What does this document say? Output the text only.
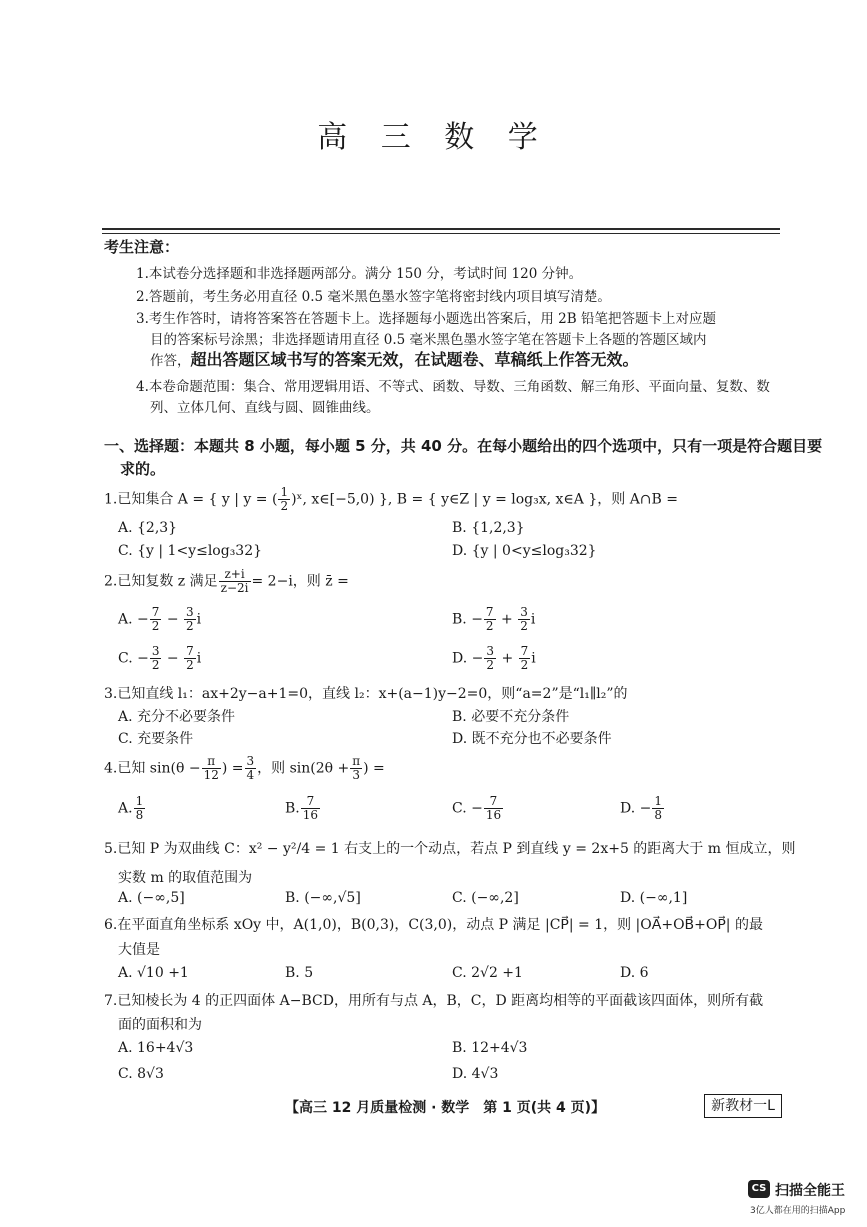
高 三 数 学
考生注意：
1.本试卷分选择题和非选择题两部分。满分 150 分，考试时间 120 分钟。
2.答题前，考生务必用直径 0.5 毫米黑色墨水签字笔将密封线内项目填写清楚。
3.考生作答时，请将答案答在答题卡上。选择题每小题选出答案后，用 2B 铅笔把答题卡上对应题
目的答案标号涂黑；非选择题请用直径 0.5 毫米黑色墨水签字笔在答题卡上各题的答题区域内
作答，超出答题区域书写的答案无效，在试题卷、草稿纸上作答无效。
4.本卷命题范围：集合、常用逻辑用语、不等式、函数、导数、三角函数、解三角形、平面向量、复数、数
列、立体几何、直线与圆、圆锥曲线。
一、选择题：本题共 8 小题，每小题 5 分，共 40 分。在每小题给出的四个选项中，只有一项是符合题目要
求的。
1.已知集合 A = { y | y = ( $\frac{1}{2}$ )ˣ, x∈[−5,0) }, B = { y∈Z | y = log₃x, x∈A }，则 A∩B =
A. {2,3}	B. {1,2,3}
C. {y | 1<y≤log₃32}	D. {y | 0<y≤log₃32}
2.已知复数 z 满足 $\frac{z+i}{z-2i} = 2-i$，则 z̄ =
A. − $\frac{7}{2} - \frac{3}{2}$ i	B. − $\frac{7}{2} + \frac{3}{2}$ i
C. − $\frac{3}{2} - \frac{7}{2}$ i	D. − $\frac{3}{2} + \frac{7}{2}$ i
3.已知直线 l₁：ax+2y−a+1=0，直线 l₂：x+(a−1)y−2=0，则“a=2”是“l₁∥l₂”的
A. 充分不必要条件	B. 必要不充分条件
C. 充要条件	D. 既不充分也不必要条件
4.已知 $\sin(\theta - \frac{\pi}{12}$ ) = $\frac{3}{4}$ ，则 $\sin(2\theta + \frac{\pi}{3}$ ) =
A. $\frac{1}{8}$	B. $\frac{7}{16}$	C. − $\frac{7}{16}$	D. − $\frac{1}{8}$
5.已知 P 为双曲线 C：x² − y²/4 = 1 右支上的一个动点，若点 P 到直线 y = 2x+5 的距离大于 m 恒成立，则
实数 m 的取值范围为
A. (−∞,5]	B. (−∞,√5]	C. (−∞,2]	D. (−∞,1]
6.在平面直角坐标系 xOy 中，A(1,0)，B(0,3)，C(3,0)，动点 P 满足 |CP⃗| = 1，则 |OA⃗+OB⃗+OP⃗| 的最
大值是
A. √10 +1	B. 5	C. 2√2 +1	D. 6
7.已知棱长为 4 的正四面体 A−BCD，用所有与点 A，B，C，D 距离均相等的平面截该四面体，则所有截
面的面积和为
A. 16+4√3	B. 12+4√3
C. 8√3	D. 4√3
【高三 12 月质量检测 · 数学　第 1 页(共 4 页)】	新教材一L
CS 扫描全能王
3亿人都在用的扫描App
